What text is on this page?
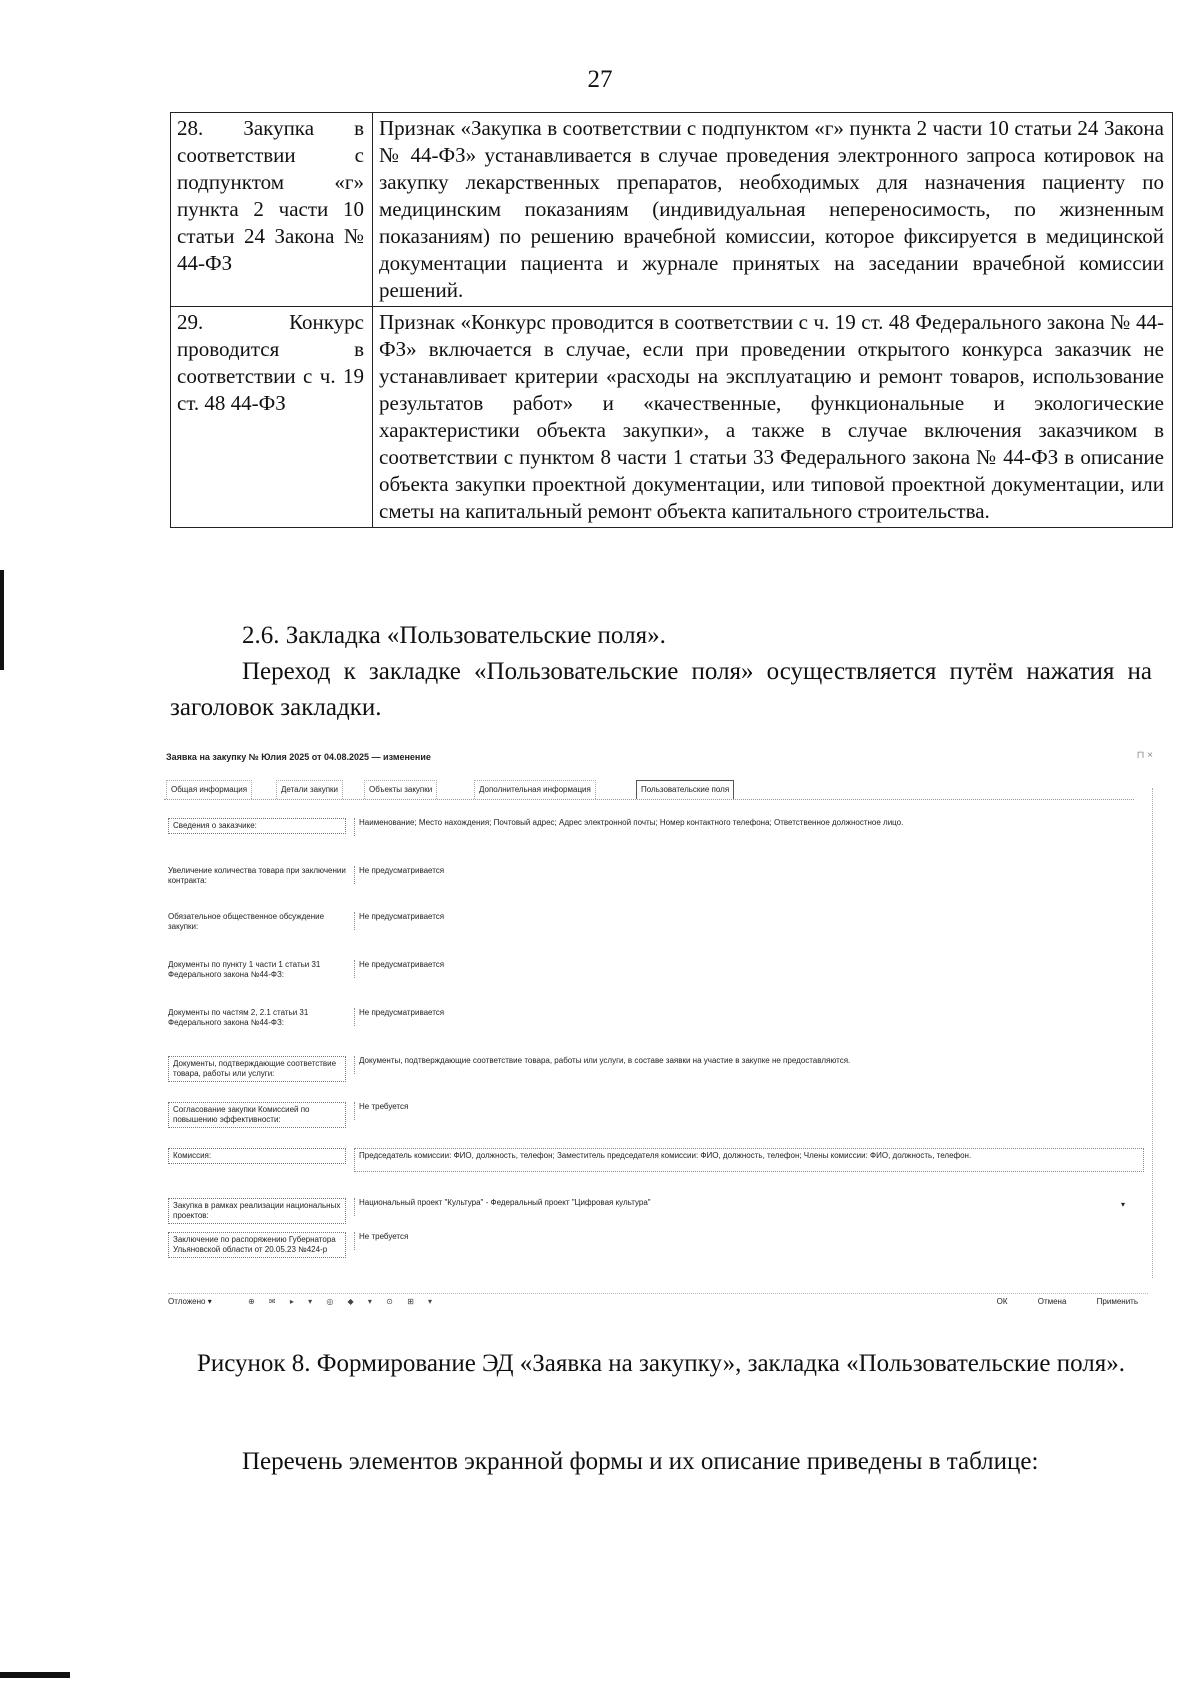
27
28. Закупка в соответствии с подпунктом «г» пункта 2 части 10 статьи 24 Закона № 44-ФЗ	Признак «Закупка в соответствии с подпунктом «г» пункта 2 части 10 статьи 24 Закона № 44-ФЗ» устанавливается в случае проведения электронного запроса котировок на закупку лекарственных препаратов, необходимых для назначения пациенту по медицинским показаниям (индивидуальная непереносимость, по жизненным показаниям) по решению врачебной комиссии, которое фиксируется в медицинской документации пациента и журнале принятых на заседании врачебной комиссии решений.
29. Конкурс проводится в соответствии с ч. 19 ст. 48 44-ФЗ	Признак «Конкурс проводится в соответствии с ч. 19 ст. 48 Федерального закона № 44-ФЗ» включается в случае, если при проведении открытого конкурса заказчик не устанавливает критерии «расходы на эксплуатацию и ремонт товаров, использование результатов работ» и «качественные, функциональные и экологические характеристики объекта закупки», а также в случае включения заказчиком в соответствии с пунктом 8 части 1 статьи 33 Федерального закона № 44-ФЗ в описание объекта закупки проектной документации, или типовой проектной документации, или сметы на капитальный ремонт объекта капитального строительства.
2.6. Закладка «Пользовательские поля».
Переход к закладке «Пользовательские поля» осуществляется путём нажатия на заголовок закладки.
Заявка на закупку № Юлия 2025 от 04.08.2025 — изменение	⊓ ×
Общая информация	Детали закупки	Объекты закупки	Дополнительная информация	Пользовательские поля
Сведения о заказчике:	Наименование; Место нахождения; Почтовый адрес; Адрес электронной почты; Номер контактного телефона; Ответственное должностное лицо.
Увеличение количества товара при заключении контракта:
Не предусматривается
Обязательное общественное обсуждение закупки:
Не предусматривается
Документы по пункту 1 части 1 статьи 31 Федерального закона №44-ФЗ:
Не предусматривается
Документы по частям 2, 2.1 статьи 31 Федерального закона №44-ФЗ:
Не предусматривается
Документы, подтверждающие соответствие товара, работы или услуги:
Документы, подтверждающие соответствие товара, работы или услуги, в составе заявки на участие в закупке не предоставляются.
Согласование закупки Комиссией по повышению эффективности:
Не требуется
Комиссия:	Председатель комиссии: ФИО, должность, телефон; Заместитель председателя комиссии: ФИО, должность, телефон; Члены комиссии: ФИО, должность, телефон.
Закупка в рамках реализации национальных проектов:
Национальный проект "Культура" - Федеральный проект "Цифровая культура"	▾
Заключение по распоряжению Губернатора Ульяновской области от 20.05.23 №424-р
Не требуется
Отложено ▾	⊕ ✉ ▸ ▾ ◎ ◆ ▾ ⊙ ⊞ ▾	ОК	Отмена	Применить
Рисунок 8. Формирование ЭД «Заявка на закупку», закладка «Пользовательские поля».
Перечень элементов экранной формы и их описание приведены в таблице:
